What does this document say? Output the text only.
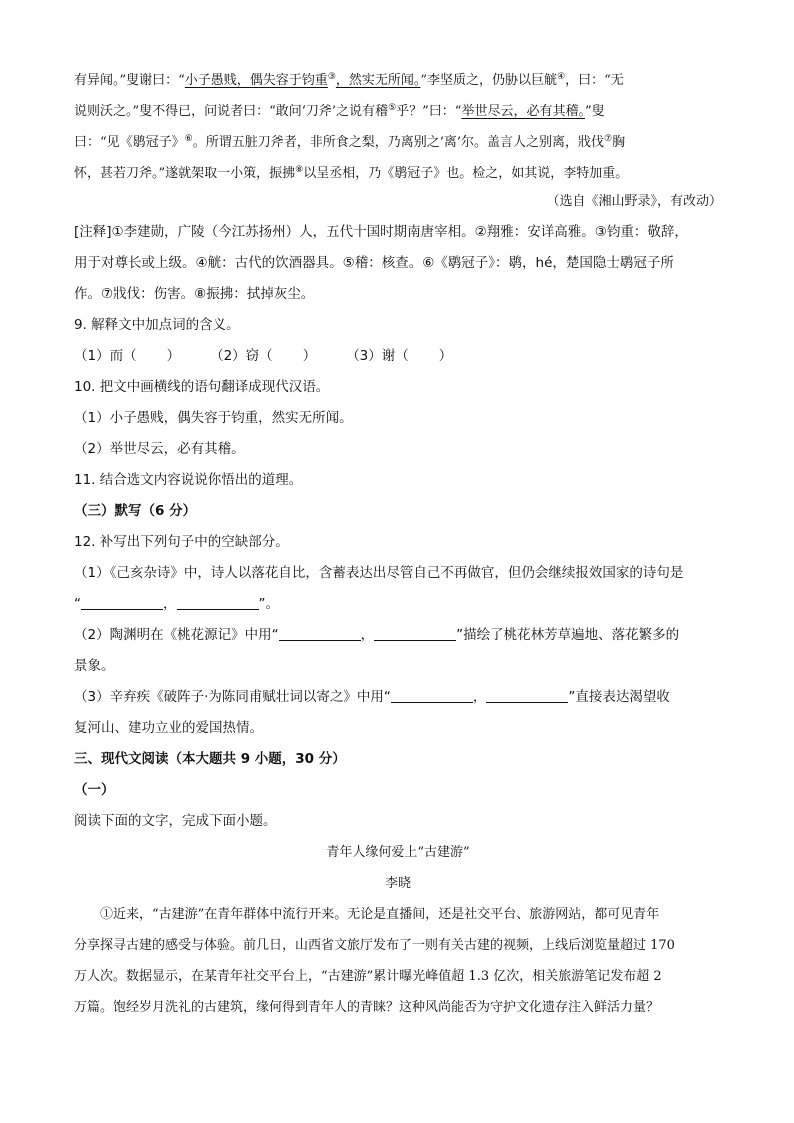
有异闻。”叟谢曰：“小子愚贱，偶失容于钧重③，然实无所闻。”李坚质之，仍胁以巨觥④，曰：“无
说则沃之。”叟不得已，问说者曰：“敢问‘刀斧’之说有稽⑤乎？”曰：“举世尽云，必有其稽。”叟
曰：“见《鹖冠子》⑥。所谓五脏刀斧者，非所食之梨，乃离别之‘离’尔。盖言人之别离，戕伐⑦胸
怀，甚若刀斧。”遂就架取一小策，振拂⑧以呈丞相，乃《鹖冠子》也。检之，如其说，李特加重。
（选自《湘山野录》，有改动）
[注释]①李建勋，广陵（今江苏扬州）人，五代十国时期南唐宰相。②翔雅：安详高雅。③钧重：敬辞，
用于对尊长或上级。④觥：古代的饮酒器具。⑤稽：核查。⑥《鹖冠子》：鹖，hé，楚国隐士鹖冠子所
作。⑦戕伐：伤害。⑧振拂：拭掉灰尘。
9. 解释文中加点词的含义。
（1）而（ ） （2）窃（ ） （3）谢（ ）
10. 把文中画横线的语句翻译成现代汉语。
（1）小子愚贱，偶失容于钧重，然实无所闻。
（2）举世尽云，必有其稽。
11. 结合选文内容说说你悟出的道理。
（三）默写（6 分）
12. 补写出下列句子中的空缺部分。
（1）《己亥杂诗》中，诗人以落花自比，含蓄表达出尽管自己不再做官，但仍会继续报效国家的诗句是
“	，	”。
（2）陶渊明在《桃花源记》中用“	，	”描绘了桃花林芳草遍地、落花繁多的
景象。
（3）辛弃疾《破阵子·为陈同甫赋壮词以寄之》中用“	，	”直接表达渴望收
复河山、建功立业的爱国热情。
三、现代文阅读（本大题共 9 小题，30 分）
（一）
阅读下面的文字，完成下面小题。
青年人缘何爱上“古建游”
李晓
①近来，“古建游”在青年群体中流行开来。无论是直播间，还是社交平台、旅游网站，都可见青年
分享探寻古建的感受与体验。前几日，山西省文旅厅发布了一则有关古建的视频，上线后浏览量超过 170
万人次。数据显示，在某青年社交平台上，“古建游”累计曝光峰值超 1.3 亿次，相关旅游笔记发布超 2
万篇。饱经岁月洗礼的古建筑，缘何得到青年人的青睐？这种风尚能否为守护文化遗存注入鲜活力量？
